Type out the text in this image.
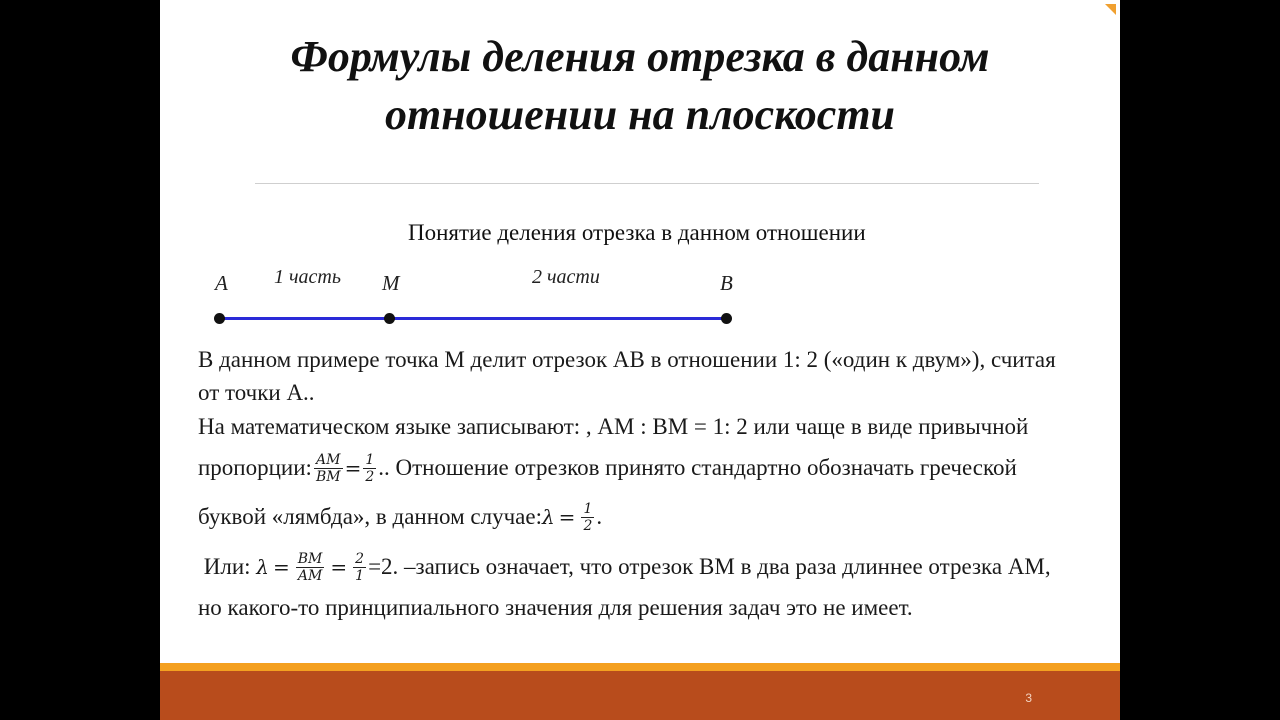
Формулы деления отрезка в данном
отношении на плоскости
Понятие деления отрезка в данном отношении
A 1 часть M	2 части	B
В данном примере точка М делит отрезок АВ в отношении 1: 2 («один к двум»), считая
от точки А..
На математическом языке записывают: , АМ : ВМ = 1: 2 или чаще в виде привычной
пропорции: $\frac{AM}{BM} = \frac{1}{2}$ .. Отношение отрезков принято стандартно обозначать греческой
буквой «лямбда», в данном случае: $\lambda = \frac{1}{2}$ .
Или: $\lambda = \frac{BM}{AM} = \frac{2}{1} =2$. –запись означает, что отрезок ВМ в два раза длиннее отрезка АМ,
но какого-то принципиального значения для решения задач это не имеет.
3
